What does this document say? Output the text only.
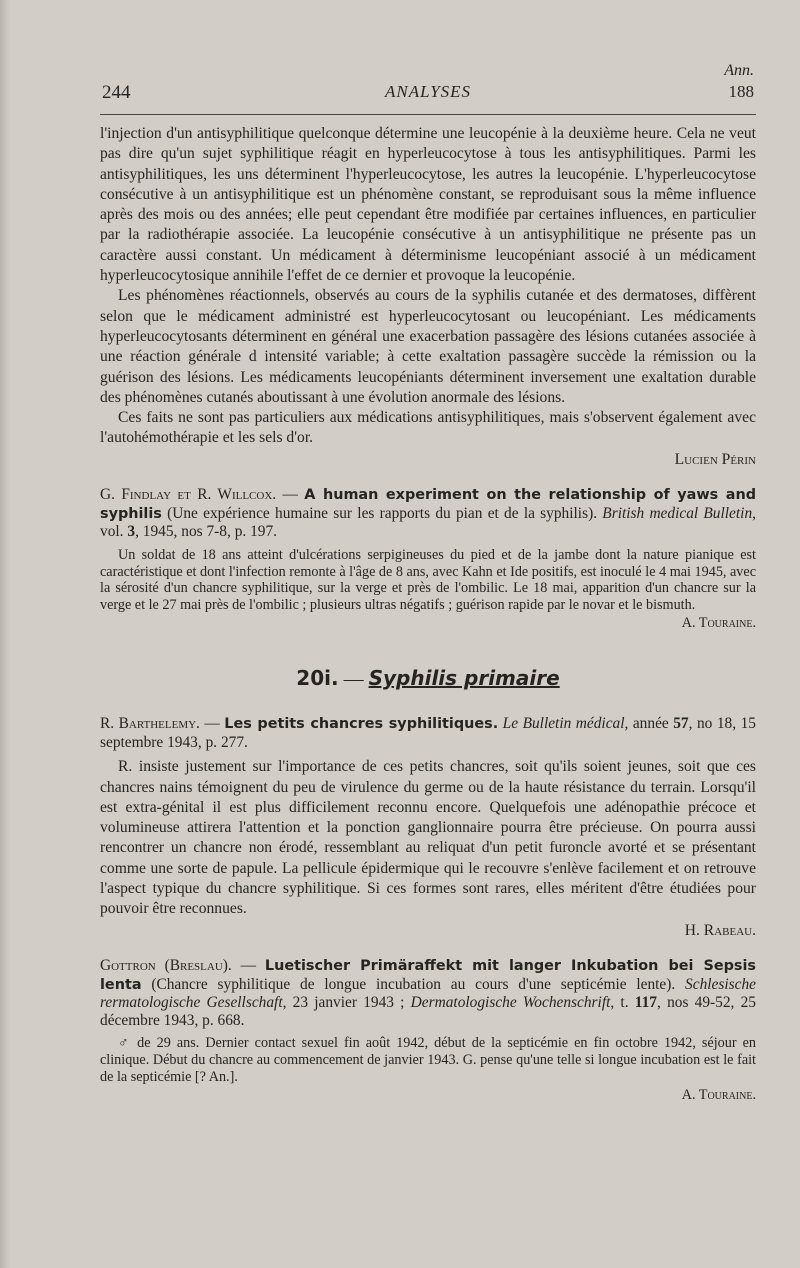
244	ANALYSES
Ann.
188

l'injection d'un antisyphilitique quelconque détermine une leucopénie à la deuxième heure. Cela ne veut pas dire qu'un sujet syphilitique réagit en hyperleucocytose à tous les antisyphilitiques. Parmi les antisyphilitiques, les uns déterminent l'hyperleucocytose, les autres la leucopénie. L'hyperleucocytose consécutive à un antisyphilitique est un phénomène constant, se reproduisant sous la même influence après des mois ou des années; elle peut cependant être modifiée par certaines influences, en particulier par la radiothérapie associée. La leucopénie consécutive à un antisyphilitique ne présente pas un caractère aussi constant. Un médicament à déterminisme leucopéniant associé à un médicament hyperleucocytosique annihile l'effet de ce dernier et provoque la leucopénie.

Les phénomènes réactionnels, observés au cours de la syphilis cutanée et des dermatoses, diffèrent selon que le médicament administré est hyperleucocytosant ou leucopéniant. Les médicaments hyperleucocytosants déterminent en général une exacerbation passagère des lésions cutanées associée à une réaction générale d intensité variable; à cette exaltation passagère succède la rémission ou la guérison des lésions. Les médicaments leucopéniants déterminent inversement une exaltation durable des phénomènes cutanés aboutissant à une évolution anormale des lésions.

Ces faits ne sont pas particuliers aux médications antisyphilitiques, mais s'observent également avec l'autohémothérapie et les sels d'or.

Lucien Périn

G. Findlay et R. Willcox. — A human experiment on the relationship of yaws and syphilis (Une expérience humaine sur les rapports du pian et de la syphilis). British medical Bulletin, vol. 3, 1945, nos 7-8, p. 197.

Un soldat de 18 ans atteint d'ulcérations serpigineuses du pied et de la jambe dont la nature pianique est caractéristique et dont l'infection remonte à l'âge de 8 ans, avec Kahn et Ide positifs, est inoculé le 4 mai 1945, avec la sérosité d'un chancre syphilitique, sur la verge et près de l'ombilic. Le 18 mai, apparition d'un chancre sur la verge et le 27 mai près de l'ombilic ; plusieurs ultras négatifs ; guérison rapide par le novar et le bismuth.

A. Touraine.

20i. — Syphilis primaire
R. Barthelemy. — Les petits chancres syphilitiques. Le Bulletin médical, année 57, no 18, 15 septembre 1943, p. 277.

R. insiste justement sur l'importance de ces petits chancres, soit qu'ils soient jeunes, soit que ces chancres nains témoignent du peu de virulence du germe ou de la haute résistance du terrain. Lorsqu'il est extra-génital il est plus difficilement reconnu encore. Quelquefois une adénopathie précoce et volumineuse attirera l'attention et la ponction ganglionnaire pourra être précieuse. On pourra aussi rencontrer un chancre non érodé, ressemblant au reliquat d'un petit furoncle avorté et se présentant comme une sorte de papule. La pellicule épidermique qui le recouvre s'enlève facilement et on retrouve l'aspect typique du chancre syphilitique. Si ces formes sont rares, elles méritent d'être étudiées pour pouvoir être reconnues.

H. Rabeau.

Gottron (Breslau). — Luetischer Primäraffekt mit langer Inkubation bei Sepsis lenta (Chancre syphilitique de longue incubation au cours d'une septicémie lente). Schlesische rermatologische Gesellschaft, 23 janvier 1943 ; Dermatologische Wochenschrift, t. 117, nos 49-52, 25 décembre 1943, p. 668.

♂ de 29 ans. Dernier contact sexuel fin août 1942, début de la septicémie en fin octobre 1942, séjour en clinique. Début du chancre au commencement de janvier 1943. G. pense qu'une telle si longue incubation est le fait de la septicémie [? An.].

A. Touraine.
